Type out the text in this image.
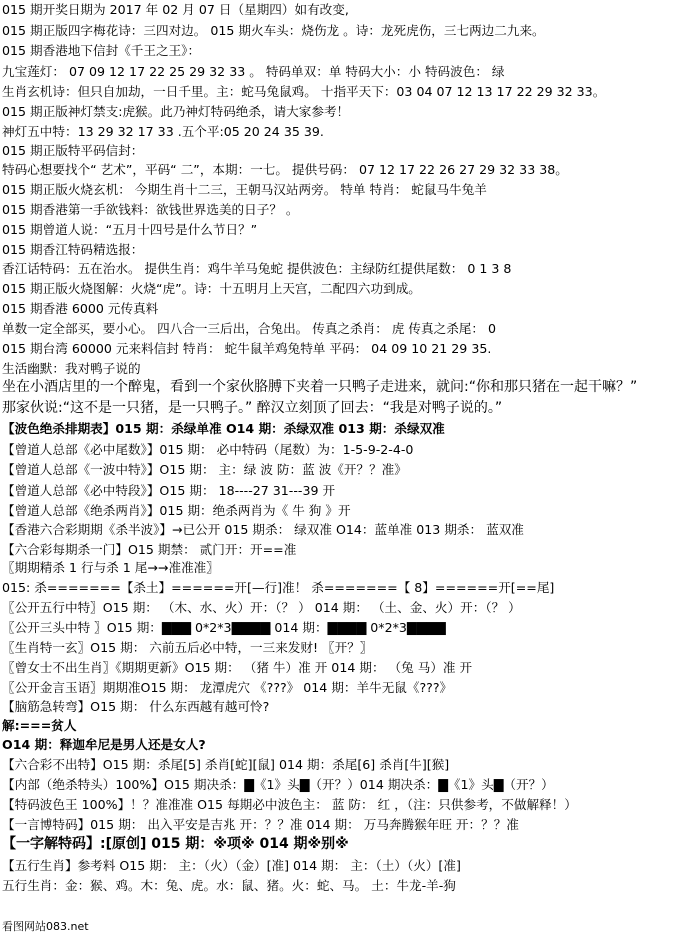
015 期开奖日期为 2017 年 02 月 07 日（星期四）如有改变,
015 期正版四字梅花诗：三四对边。 015 期火车头：烧伤龙 。诗：龙死虎伤，三七两边二九来。
015 期香港地下信封《千王之王》：
九宝莲灯： 07 09 12 17 22 25 29 32 33 。 特码单双：单 特码大小：小 特码波色： 绿
生肖玄机诗：但只自加劫，一日千里。主：蛇马兔鼠鸡。 十指平天下：03 04 07 12 13 17 22 29 32 33。
015 期正版神灯禁支:虎猴。此乃神灯特码绝杀，请大家参考！
神灯五中特：13 29 32 17 33 .五个平:05 20 24 35 39.
015 期正版特平码信封：
特码心想要找个“ 艺术”，平码“ 二”，本期：一七。 提供号码： 07 12 17 22 26 27 29 32 33 38。
015 期正版火烧玄机： 今期生肖十二三，王朝马汉站两旁。 特单 特肖： 蛇鼠马牛兔羊
015 期香港第一手欲钱料：欲钱世界选美的日子？ 。
015 期曾道人说：“五月十四号是什么节日？”
015 期香江特码精选报：
香江话特码：五在治水。 提供生肖：鸡牛羊马兔蛇 提供波色：主绿防红提供尾数： 0 1 3 8
015 期正版火烧图解：火烧“虎”。诗：十五明月上天宫，二配四六功到成。
015 期香港 6000 元传真料
单数一定全部买，要小心。 四八合一三后出，合兔出。 传真之杀肖： 虎 传真之杀尾： 0
015 期台湾 60000 元来料信封 特肖： 蛇牛鼠羊鸡兔特单 平码： 04 09 10 21 29 35.
生活幽默：我对鸭子说的
坐在小酒店里的一个醉鬼，看到一个家伙胳膊下夹着一只鸭子走进来，就问:“你和那只猪在一起干嘛？”
那家伙说:“这不是一只猪，是一只鸭子。” 醉汉立刻顶了回去：“我是对鸭子说的。”
【波色绝杀排期表】015 期：杀绿单准 O14 期：杀绿双准 013 期：杀绿双准
【曾道人总部《必中尾数》】015 期： 必中特码（尾数）为：1-5-9-2-4-0
【曾道人总部《一波中特》】O15 期： 主：绿 波 防：蓝 波《开？？准》
【曾道人总部《必中特段》】O15 期： 18----27 31---39 开
【曾道人总部《绝杀两肖》】015 期：绝杀两肖为《 牛 狗 》开
【香港六合彩期期《杀半波》】→已公开 015 期杀： 绿双准 O14：蓝单准 013 期杀： 蓝双准
【六合彩每期杀一门】O15 期禁： 贰门开：开==准
〖期期精杀 1 行与杀 1 尾→→准准准〗
015: 杀=======【杀土】======开[—行]准！ 杀=======【 8】======开[==尾]
〖公开五行中特〗O15 期： （木、水、火）开：（？ ） 014 期： （土、金、火）开：（？ ）
〖公开三头中特 〗O15 期：▇▇▇ 0*2*3▇▇▇▇ 014 期：▇▇▇▇ 0*2*3▇▇▇▇
〖生肖特一玄〗O15 期： 六前五后必中特，一三来发财! 〖开？〗
〖曾女士不出生肖〗《期期更新》O15 期： （猪 牛）准 开 014 期： （兔 马）准 开
〖公开金言玉语〗期期准O15 期： 龙潭虎穴 《???》 014 期：羊牛无鼠《???》
【脑筋急转弯】O15 期： 什么东西越有越可怜?
解:===贫人
O14 期：释迦牟尼是男人还是女人?
【六合彩不出特】O15 期：杀尾[5] 杀肖[蛇][鼠] 014 期：杀尾[6] 杀肖[牛][猴]
【内部（绝杀特头）100%】O15 期决杀：▇《1》头▇（开？）014 期决杀：▇《1》头▇（开？）
【特码波色王 100%】！？准准准 O15 每期必中波色主： 蓝 防： 红 ，（注：只供参考，不做解释！）
【一言博特码】015 期： 出入平安是吉兆 开：？？准 014 期： 万马奔腾猴年旺 开：？？准
【一字解特码】:[原创] 015 期：※项※ 014 期※别※
【五行生肖】参考料 O15 期： 主：（火）（金）[准] 014 期： 主：（土）（火）[准]
五行生肖：金：猴、鸡。木：兔、虎。水：鼠、猪。火：蛇、马。 土：牛龙-羊-狗
看图网站083.net
